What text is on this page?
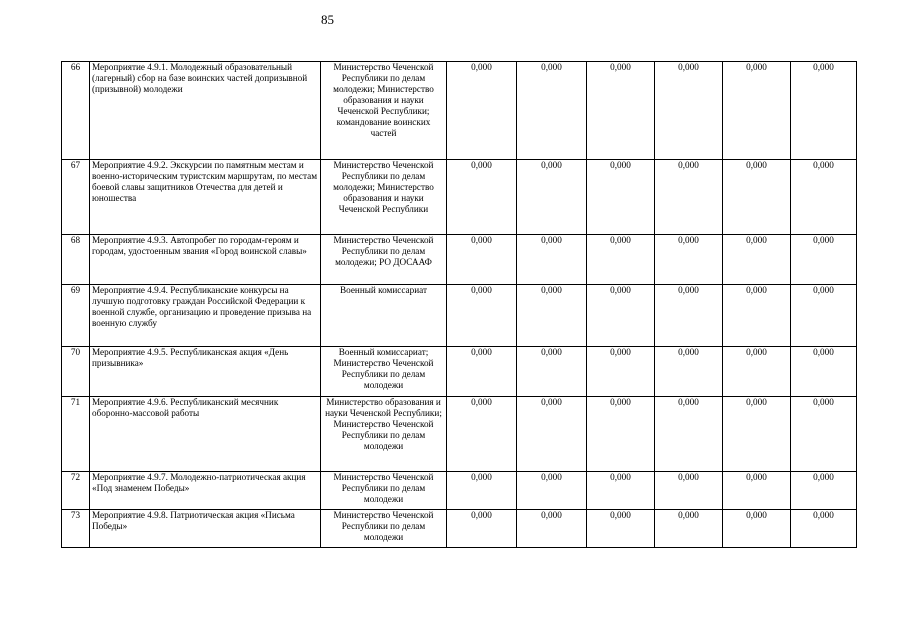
85
66	Мероприятие 4.9.1. Молодежный образовательный (лагерный) сбор на базе воинских частей допризывной (призывной) молодежи	Министерство Чеченской Республики по делам молодежи; Министерство образования и науки Чеченской Республики; командование воинских частей	0,000	0,000	0,000	0,000	0,000	0,000
67	Мероприятие 4.9.2. Экскурсии по памятным местам и военно-историческим туристским маршрутам, по местам боевой славы защитников Отечества для детей и юношества	Министерство Чеченской Республики по делам молодежи; Министерство образования и науки Чеченской Республики	0,000	0,000	0,000	0,000	0,000	0,000
68	Мероприятие 4.9.3. Автопробег по городам-героям и городам, удостоенным звания «Город воинской славы»	Министерство Чеченской Республики по делам молодежи; РО ДОСААФ	0,000	0,000	0,000	0,000	0,000	0,000
69	Мероприятие 4.9.4. Республиканские конкурсы на лучшую подготовку граждан Российской Федерации к военной службе, организацию и проведение призыва на военную службу	Военный комиссариат	0,000	0,000	0,000	0,000	0,000	0,000
70	Мероприятие 4.9.5. Республиканская акция «День призывника»	Военный комиссариат; Министерство Чеченской Республики по делам молодежи	0,000	0,000	0,000	0,000	0,000	0,000
71	Мероприятие 4.9.6. Республиканский месячник оборонно-массовой работы	Министерство образования и науки Чеченской Республики; Министерство Чеченской Республики по делам молодежи	0,000	0,000	0,000	0,000	0,000	0,000
72	Мероприятие 4.9.7. Молодежно-патриотическая акция «Под знаменем Победы»	Министерство Чеченской Республики по делам молодежи	0,000	0,000	0,000	0,000	0,000	0,000
73	Мероприятие 4.9.8. Патриотическая акция «Письма Победы»	Министерство Чеченской Республики по делам молодежи	0,000	0,000	0,000	0,000	0,000	0,000
